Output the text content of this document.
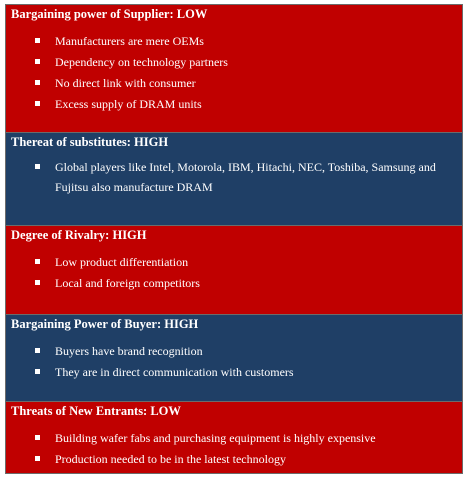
Bargaining power of Supplier: LOW

Manufacturers are mere OEMs
Dependency on technology partners
No direct link with consumer
Excess supply of DRAM units

Thereat of substitutes: HIGH

Global players like Intel, Motorola, IBM, Hitachi, NEC, Toshiba, Samsung and Fujitsu also manufacture DRAM

Degree of Rivalry: HIGH

Low product differentiation
Local and foreign competitors

Bargaining Power of Buyer: HIGH

Buyers have brand recognition
They are in direct communication with customers

Threats of New Entrants: LOW

Building wafer fabs and purchasing equipment is highly expensive
Production needed to be in the latest technology
